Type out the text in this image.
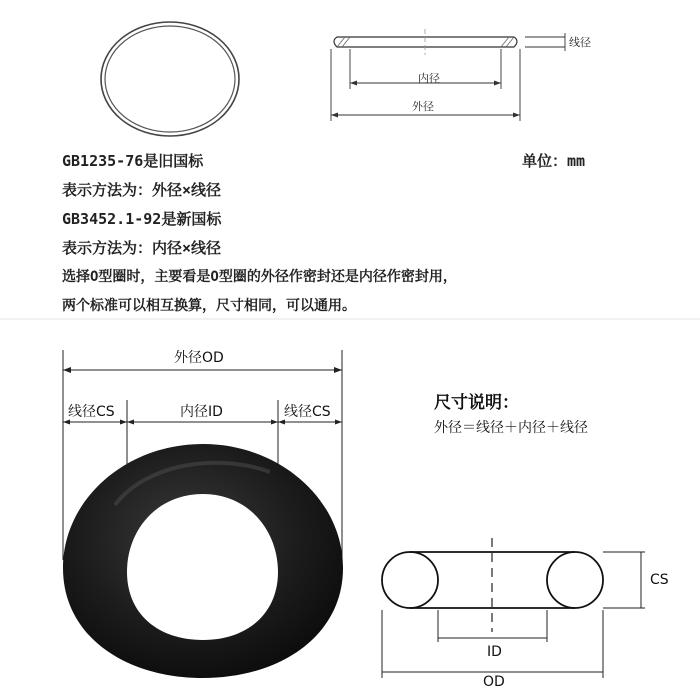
线径
内径
外径
单位：mm
GB1235-76是旧国标
表示方法为：外径×线径
GB3452.1-92是新国标
表示方法为：内径×线径
选择O型圈时，主要看是O型圈的外径作密封还是内径作密封用，
两个标准可以相互换算，尺寸相同，可以通用。
外径OD
线径CS	内径ID	线径CS	尺寸说明：
外径＝线径＋内径＋线径
CS
ID
OD
